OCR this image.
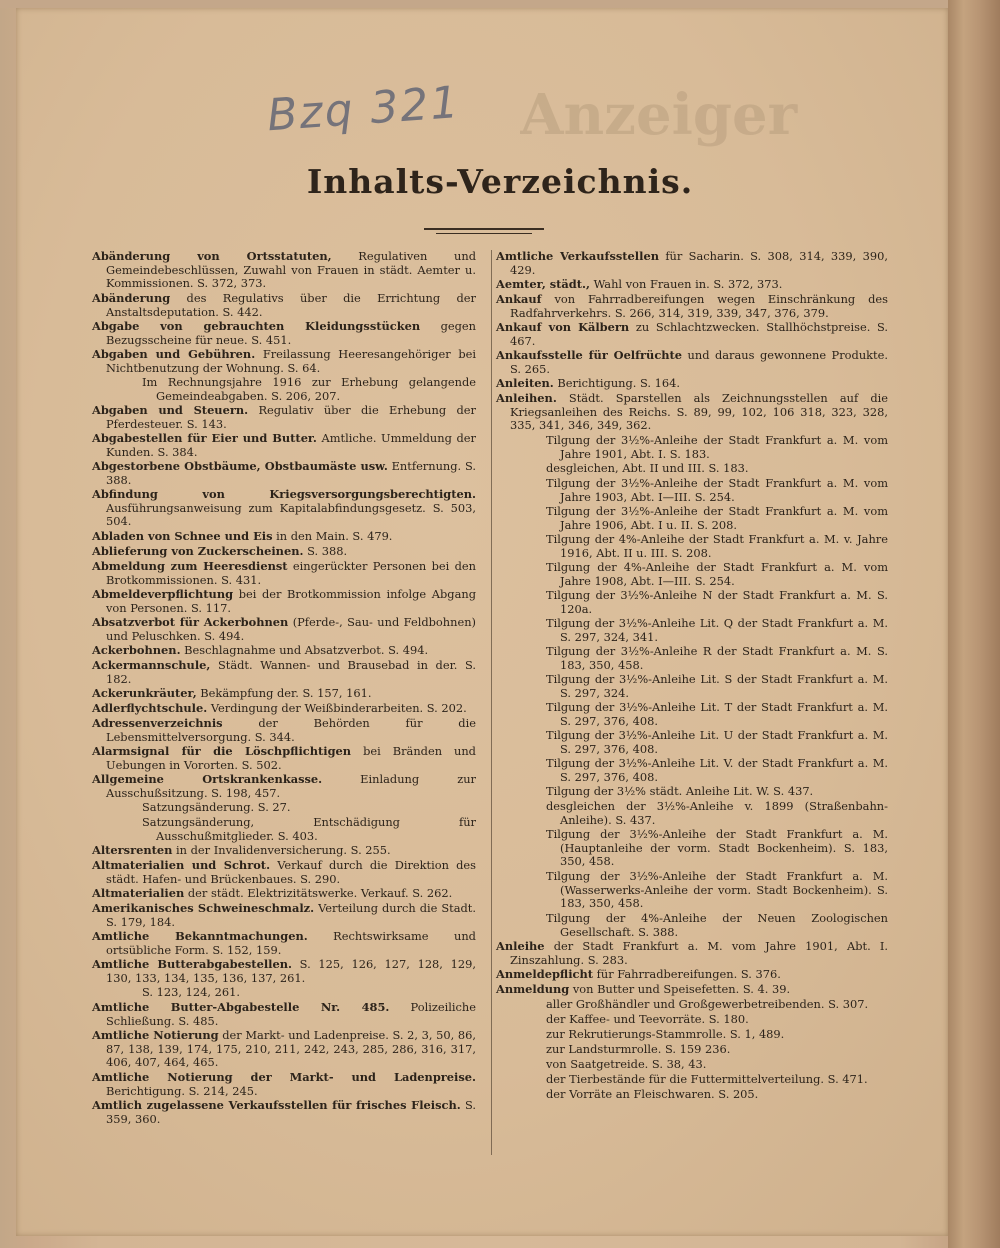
Anzeiger
Bzq 321
Inhalts-Verzeichnis.

Abänderung von Ortsstatuten, Regulativen und Gemeindebeschlüssen, Zuwahl von Frauen in städt. Aemter u. Kommissionen. S. 372, 373.

Abänderung des Regulativs über die Errichtung der Anstaltsdeputation. S. 442.

Abgabe von gebrauchten Kleidungsstücken gegen Bezugsscheine für neue. S. 451.

Abgaben und Gebühren. Freilassung Heeresangehöriger bei Nichtbenutzung der Wohnung. S. 64.

Im Rechnungsjahre 1916 zur Erhebung gelangende Gemeindeabgaben. S. 206, 207.

Abgaben und Steuern. Regulativ über die Erhebung der Pferdesteuer. S. 143.

Abgabestellen für Eier und Butter. Amtliche. Ummeldung der Kunden. S. 384.

Abgestorbene Obstbäume, Obstbaumäste usw. Entfernung. S. 388.

Abfindung von Kriegsversorgungsberechtigten. Ausführungsanweisung zum Kapitalabfindungsgesetz. S. 503, 504.

Abladen von Schnee und Eis in den Main. S. 479.

Ablieferung von Zuckerscheinen. S. 388.

Abmeldung zum Heeresdienst eingerückter Personen bei den Brotkommissionen. S. 431.

Abmeldeverpflichtung bei der Brotkommission infolge Abgang von Personen. S. 117.

Absatzverbot für Ackerbohnen (Pferde-, Sau- und Feldbohnen) und Peluschken. S. 494.

Ackerbohnen. Beschlagnahme und Absatzverbot. S. 494.

Ackermannschule, Städt. Wannen- und Brausebad in der. S. 182.

Ackerunkräuter, Bekämpfung der. S. 157, 161.

Adlerflychtschule. Verdingung der Weißbinderarbeiten. S. 202.

Adressenverzeichnis der Behörden für die Lebensmittelversorgung. S. 344.

Alarmsignal für die Löschpflichtigen bei Bränden und Uebungen in Vororten. S. 502.

Allgemeine Ortskrankenkasse. Einladung zur Ausschußsitzung. S. 198, 457.

Satzungsänderung. S. 27.

Satzungsänderung, Entschädigung für Ausschußmitglieder. S. 403.

Altersrenten in der Invalidenversicherung. S. 255.

Altmaterialien und Schrot. Verkauf durch die Direktion des städt. Hafen- und Brückenbaues. S. 290.

Altmaterialien der städt. Elektrizitätswerke. Verkauf. S. 262.

Amerikanisches Schweineschmalz. Verteilung durch die Stadt. S. 179, 184.

Amtliche Bekanntmachungen. Rechtswirksame und ortsübliche Form. S. 152, 159.

Amtliche Butterabgabestellen. S. 125, 126, 127, 128, 129, 130, 133, 134, 135, 136, 137, 261.

S. 123, 124, 261.

Amtliche Butter-Abgabestelle Nr. 485. Polizeiliche Schließung. S. 485.

Amtliche Notierung der Markt- und Ladenpreise. S. 2, 3, 50, 86, 87, 138, 139, 174, 175, 210, 211, 242, 243, 285, 286, 316, 317, 406, 407, 464, 465.

Amtliche Notierung der Markt- und Ladenpreise. Berichtigung. S. 214, 245.

Amtlich zugelassene Verkaufsstellen für frisches Fleisch. S. 359, 360.

Amtliche Verkaufsstellen für Sacharin. S. 308, 314, 339, 390, 429.

Aemter, städt., Wahl von Frauen in. S. 372, 373.

Ankauf von Fahrradbereifungen wegen Einschränkung des Radfahrverkehrs. S. 266, 314, 319, 339, 347, 376, 379.

Ankauf von Kälbern zu Schlachtzwecken. Stallhöchstpreise. S. 467.

Ankaufsstelle für Oelfrüchte und daraus gewonnene Produkte. S. 265.

Anleiten. Berichtigung. S. 164.

Anleihen. Städt. Sparstellen als Zeichnungsstellen auf die Kriegsanleihen des Reichs. S. 89, 99, 102, 106 318, 323, 328, 335, 341, 346, 349, 362.

Tilgung der 3½%-Anleihe der Stadt Frankfurt a. M. vom Jahre 1901, Abt. I. S. 183.

desgleichen, Abt. II und III. S. 183.

Tilgung der 3½%-Anleihe der Stadt Frankfurt a. M. vom Jahre 1903, Abt. I—III. S. 254.

Tilgung der 3½%-Anleihe der Stadt Frankfurt a. M. vom Jahre 1906, Abt. I u. II. S. 208.

Tilgung der 4%-Anleihe der Stadt Frankfurt a. M. v. Jahre 1916, Abt. II u. III. S. 208.

Tilgung der 4%-Anleihe der Stadt Frankfurt a. M. vom Jahre 1908, Abt. I—III. S. 254.

Tilgung der 3½%-Anleihe N der Stadt Frankfurt a. M. S. 120a.

Tilgung der 3½%-Anleihe Lit. Q der Stadt Frankfurt a. M. S. 297, 324, 341.

Tilgung der 3½%-Anleihe R der Stadt Frankfurt a. M. S. 183, 350, 458.

Tilgung der 3½%-Anleihe Lit. S der Stadt Frankfurt a. M. S. 297, 324.

Tilgung der 3½%-Anleihe Lit. T der Stadt Frankfurt a. M. S. 297, 376, 408.

Tilgung der 3½%-Anleihe Lit. U der Stadt Frankfurt a. M. S. 297, 376, 408.

Tilgung der 3½%-Anleihe Lit. V. der Stadt Frankfurt a. M. S. 297, 376, 408.

Tilgung der 3½% städt. Anleihe Lit. W. S. 437.

desgleichen der 3½%-Anleihe v. 1899 (Straßenbahn-Anleihe). S. 437.

Tilgung der 3½%-Anleihe der Stadt Frankfurt a. M. (Hauptanleihe der vorm. Stadt Bockenheim). S. 183, 350, 458.

Tilgung der 3½%-Anleihe der Stadt Frankfurt a. M. (Wasserwerks-Anleihe der vorm. Stadt Bockenheim). S. 183, 350, 458.

Tilgung der 4%-Anleihe der Neuen Zoologischen Gesellschaft. S. 388.

Anleihe der Stadt Frankfurt a. M. vom Jahre 1901, Abt. I. Zinszahlung. S. 283.

Anmeldepflicht für Fahrradbereifungen. S. 376.

Anmeldung von Butter und Speisefetten. S. 4. 39.

aller Großhändler und Großgewerbetreibenden. S. 307.

der Kaffee- und Teevorräte. S. 180.

zur Rekrutierungs-Stammrolle. S. 1, 489.

zur Landsturmrolle. S. 159 236.

von Saatgetreide. S. 38, 43.

der Tierbestände für die Futtermittelverteilung. S. 471.

der Vorräte an Fleischwaren. S. 205.
